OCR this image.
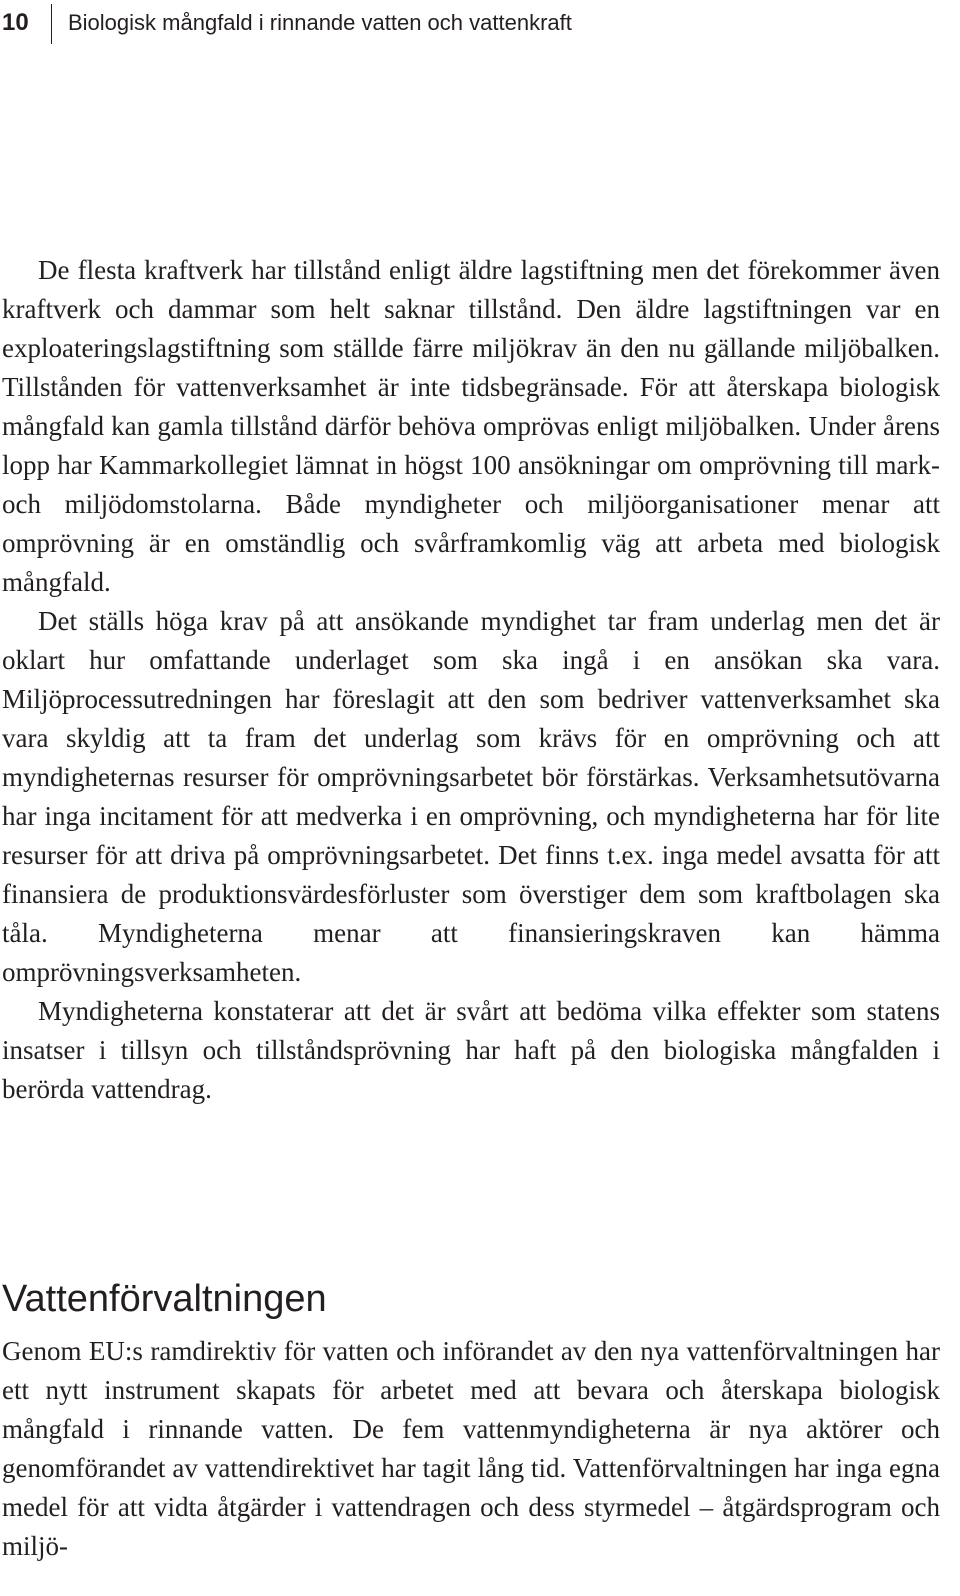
10 Biologisk mångfald i rinnande vatten och vattenkraft

De flesta kraftverk har tillstånd enligt äldre lagstiftning men det förekommer även kraftverk och dammar som helt saknar tillstånd. Den äldre lagstiftningen var en exploateringslagstiftning som ställde färre miljökrav än den nu gällande miljöbalken. Tillstånden för vattenverksamhet är inte tidsbegränsade. För att återskapa biologisk mångfald kan gamla tillstånd därför behöva omprövas enligt miljöbalken. Under årens lopp har Kammarkollegiet lämnat in högst 100 ansökningar om omprövning till mark- och miljödomstolarna. Både myndigheter och miljöorganisationer menar att omprövning är en omständlig och svårframkomlig väg att arbeta med biologisk mångfald.

Det ställs höga krav på att ansökande myndighet tar fram underlag men det är oklart hur omfattande underlaget som ska ingå i en ansökan ska vara. Miljöprocessutredningen har föreslagit att den som bedriver vattenverksamhet ska vara skyldig att ta fram det underlag som krävs för en omprövning och att myndigheternas resurser för omprövningsarbetet bör förstärkas. Verksamhetsutövarna har inga incitament för att medverka i en omprövning, och myndigheterna har för lite resurser för att driva på omprövningsarbetet. Det finns t.ex. inga medel avsatta för att finansiera de produktionsvärdesförluster som överstiger dem som kraftbolagen ska tåla. Myndigheterna menar att finansieringskraven kan hämma omprövningsverksamheten.

Myndigheterna konstaterar att det är svårt att bedöma vilka effekter som statens insatser i tillsyn och tillståndsprövning har haft på den biologiska mångfalden i berörda vattendrag.

Vattenförvaltningen

Genom EU:s ramdirektiv för vatten och införandet av den nya vattenförvaltningen har ett nytt instrument skapats för arbetet med att bevara och återskapa biologisk mångfald i rinnande vatten. De fem vattenmyndigheterna är nya aktörer och genomförandet av vattendirektivet har tagit lång tid. Vattenförvaltningen har inga egna medel för att vidta åtgärder i vattendragen och dess styrmedel – åtgärdsprogram och miljö-
